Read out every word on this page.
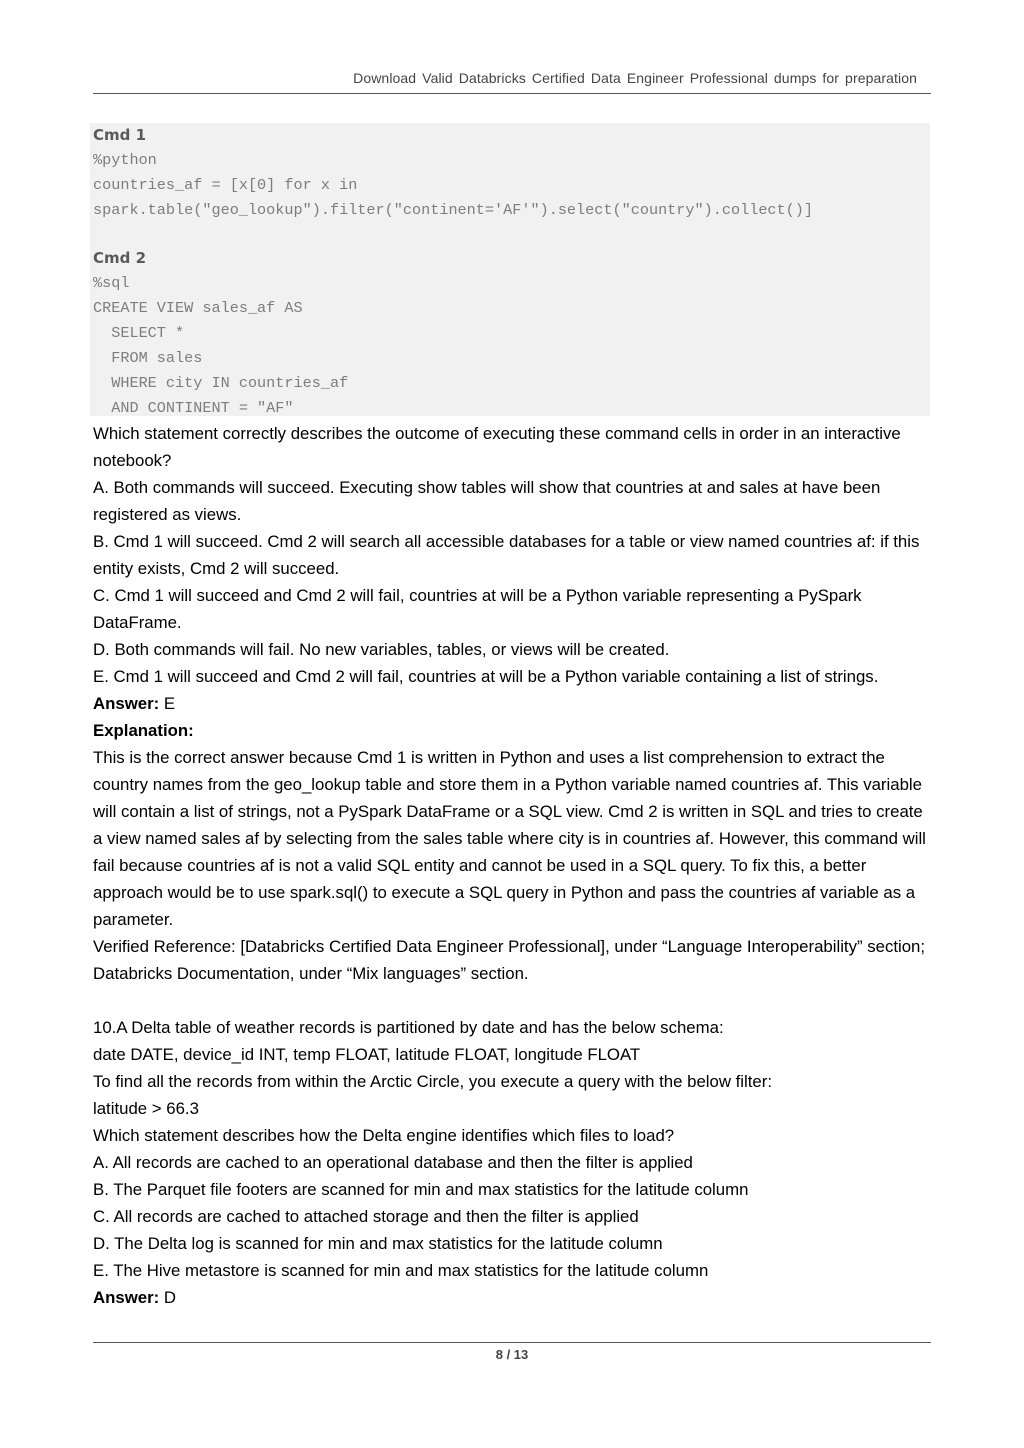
Download Valid Databricks Certified Data Engineer Professional dumps for preparation
Cmd 1
%python
countries_af = [x[0] for x in
spark.table("geo_lookup").filter("continent='AF'").select("country").collect()]
Cmd 2
%sql
CREATE VIEW sales_af AS
SELECT *
FROM sales
WHERE city IN countries_af
AND CONTINENT = "AF"

Which statement correctly describes the outcome of executing these command cells in order in an interactive notebook?

A. Both commands will succeed. Executing show tables will show that countries at and sales at have been registered as views.

B. Cmd 1 will succeed. Cmd 2 will search all accessible databases for a table or view named countries af: if this entity exists, Cmd 2 will succeed.

C. Cmd 1 will succeed and Cmd 2 will fail, countries at will be a Python variable representing a PySpark DataFrame.

D. Both commands will fail. No new variables, tables, or views will be created.

E. Cmd 1 will succeed and Cmd 2 will fail, countries at will be a Python variable containing a list of strings.

Answer: E

Explanation:

This is the correct answer because Cmd 1 is written in Python and uses a list comprehension to extract the country names from the geo_lookup table and store them in a Python variable named countries af. This variable will contain a list of strings, not a PySpark DataFrame or a SQL view. Cmd 2 is written in SQL and tries to create a view named sales af by selecting from the sales table where city is in countries af. However, this command will fail because countries af is not a valid SQL entity and cannot be used in a SQL query. To fix this, a better approach would be to use spark.sql() to execute a SQL query in Python and pass the countries af variable as a parameter.

Verified Reference: [Databricks Certified Data Engineer Professional], under “Language Interoperability” section; Databricks Documentation, under “Mix languages” section.

10.A Delta table of weather records is partitioned by date and has the below schema:

date DATE, device_id INT, temp FLOAT, latitude FLOAT, longitude FLOAT

To find all the records from within the Arctic Circle, you execute a query with the below filter:

latitude > 66.3

Which statement describes how the Delta engine identifies which files to load?

A. All records are cached to an operational database and then the filter is applied

B. The Parquet file footers are scanned for min and max statistics for the latitude column

C. All records are cached to attached storage and then the filter is applied

D. The Delta log is scanned for min and max statistics for the latitude column

E. The Hive metastore is scanned for min and max statistics for the latitude column

Answer: D

8 / 13
